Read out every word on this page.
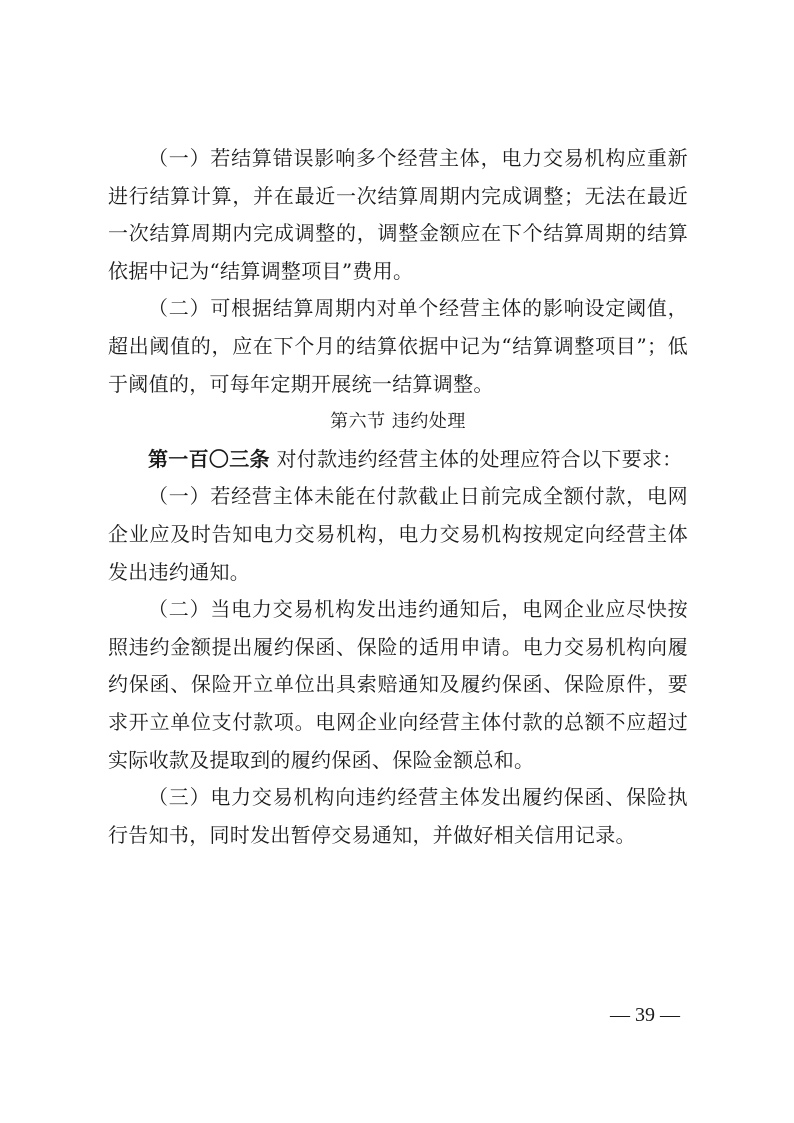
（一）若结算错误影响多个经营主体，电力交易机构应重新进行结算计算，并在最近一次结算周期内完成调整；无法在最近一次结算周期内完成调整的，调整金额应在下个结算周期的结算依据中记为“结算调整项目”费用。

（二）可根据结算周期内对单个经营主体的影响设定阈值，超出阈值的，应在下个月的结算依据中记为“结算调整项目”；低于阈值的，可每年定期开展统一结算调整。

第六节 违约处理

第一百〇三条 对付款违约经营主体的处理应符合以下要求：

（一）若经营主体未能在付款截止日前完成全额付款，电网企业应及时告知电力交易机构，电力交易机构按规定向经营主体发出违约通知。

（二）当电力交易机构发出违约通知后，电网企业应尽快按照违约金额提出履约保函、保险的适用申请。电力交易机构向履约保函、保险开立单位出具索赔通知及履约保函、保险原件，要求开立单位支付款项。电网企业向经营主体付款的总额不应超过实际收款及提取到的履约保函、保险金额总和。

（三）电力交易机构向违约经营主体发出履约保函、保险执行告知书，同时发出暂停交易通知，并做好相关信用记录。

— 39 —
